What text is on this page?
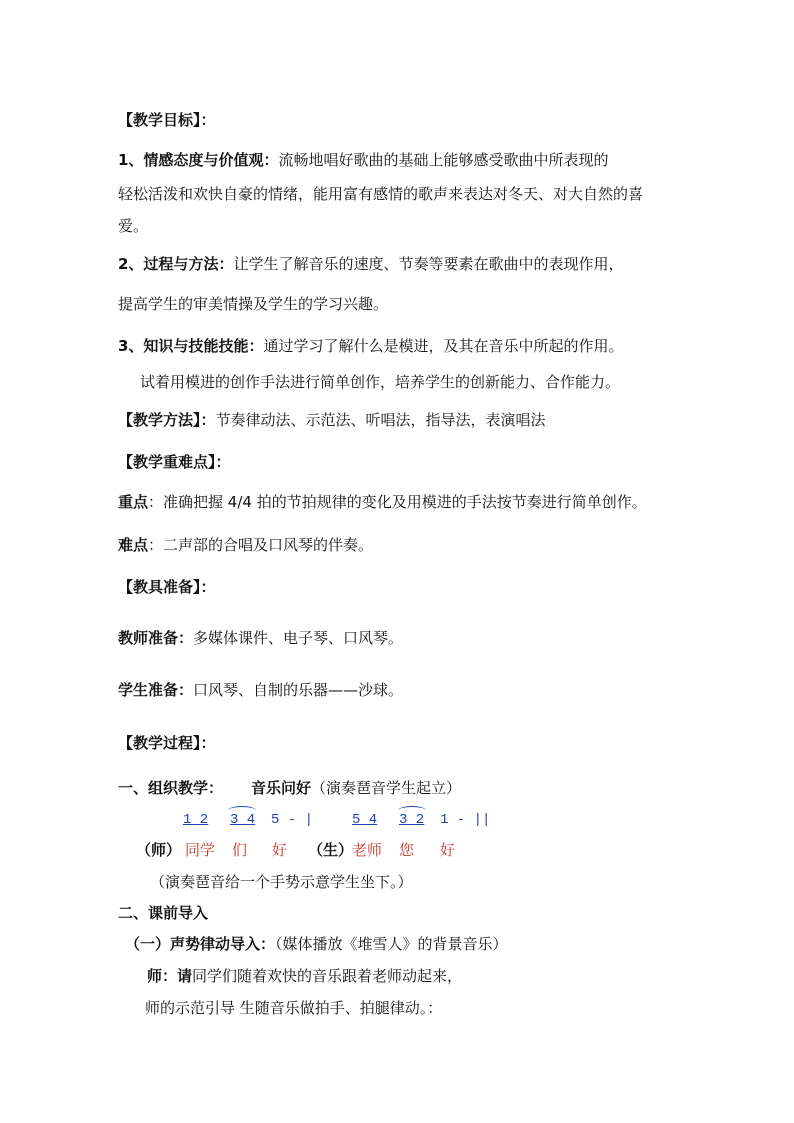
【教学目标】：
1、情感态度与价值观：流畅地唱好歌曲的基础上能够感受歌曲中所表现的
轻松活泼和欢快自豪的情绪，能用富有感情的歌声来表达对冬天、对大自然的喜
爱。
2、过程与方法：让学生了解音乐的速度、节奏等要素在歌曲中的表现作用，
提高学生的审美情操及学生的学习兴趣。
3、知识与技能技能：通过学习了解什么是模进，及其在音乐中所起的作用。
试着用模进的创作手法进行简单创作，培养学生的创新能力、合作能力。
【教学方法】：节奏律动法、示范法、听唱法，指导法，表演唱法
【教学重难点】：
重点：准确把握 4/4 拍的节拍规律的变化及用模进的手法按节奏进行简单创作。
难点：二声部的合唱及口风琴的伴奏。
【教具准备】：
教师准备：多媒体课件、电子琴、口风琴。
学生准备：口风琴、自制的乐器——沙球。
【教学过程】：
一、组织教学： 音乐问好（演奏琶音学生起立）
1 2 3 4 5 - |	5 4 3 2 1 - ||
（师） 同学 们 好 （生）
老师 您 好
（演奏琶音给一个手势示意学生坐下。）
二、课前导入
（一）声势律动导入：（媒体播放《堆雪人》的背景音乐）
师：请同学们随着欢快的音乐跟着老师动起来，
师的示范引导 生随音乐做拍手、拍腿律动。：
